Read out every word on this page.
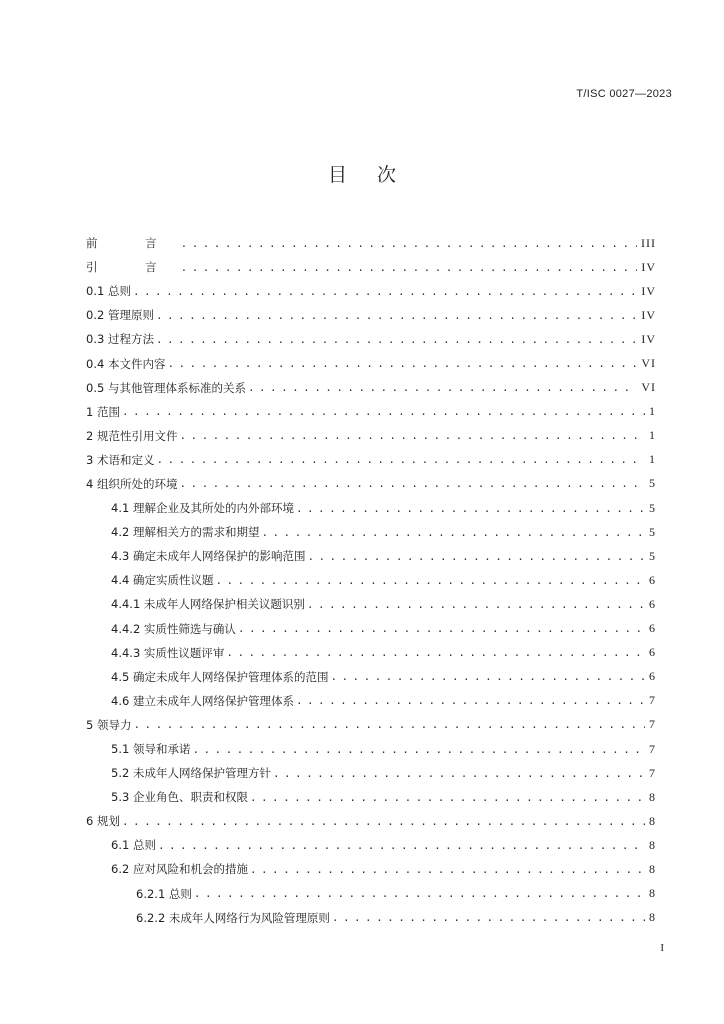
T/ISC 0027—2023
目 次
前 言 . . .	III
引 言 . . .	IV
0.1 总则 . . .	IV
0.2 管理原则 . . .	IV
0.3 过程方法 . . .	IV
0.4 本文件内容 . . .	VI
0.5 与其他管理体系标准的关系 . . .	VI
1 范围 . . .	1
2 规范性引用文件 . . .	1
3 术语和定义 . . .	1
4 组织所处的环境 . . .	5
4.1 理解企业及其所处的内外部环境 . . .	5
4.2 理解相关方的需求和期望 . . .	5
4.3 确定未成年人网络保护的影响范围 . . .	5
4.4 确定实质性议题 . . .	6
4.4.1 未成年人网络保护相关议题识别 . . .	6
4.4.2 实质性筛选与确认 . . .	6
4.4.3 实质性议题评审 . . .	6
4.5 确定未成年人网络保护管理体系的范围 . . .	6
4.6 建立未成年人网络保护管理体系 . . .	7
5 领导力 . . .	7
5.1 领导和承诺 . . .	7
5.2 未成年人网络保护管理方针 . . .	7
5.3 企业角色、职责和权限 . . .	8
6 规划 . . .	8
6.1 总则 . . .	8
6.2 应对风险和机会的措施 . . .	8
6.2.1 总则 . . .	8
6.2.2 未成年人网络行为风险管理原则 . . .	8
I
